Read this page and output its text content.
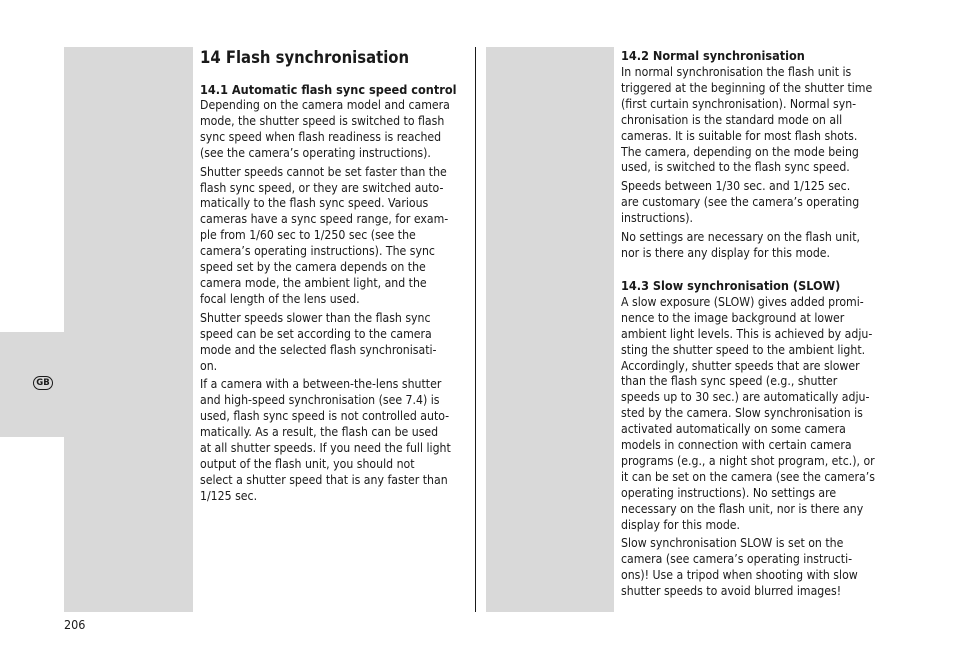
GB
14 Flash synchronisation
14.1 Automatic flash sync speed control

Depending on the camera model and camera
mode, the shutter speed is switched to flash
sync speed when flash readiness is reached
(see the camera’s operating instructions).

Shutter speeds cannot be set faster than the
flash sync speed, or they are switched auto-
matically to the flash sync speed. Various
cameras have a sync speed range, for exam-
ple from 1/60 sec to 1/250 sec (see the
camera’s operating instructions). The sync
speed set by the camera depends on the
camera mode, the ambient light, and the
focal length of the lens used.

Shutter speeds slower than the flash sync
speed can be set according to the camera
mode and the selected flash synchronisati-
on.

If a camera with a between-the-lens shutter
and high-speed synchronisation (see 7.4) is
used, flash sync speed is not controlled auto-
matically. As a result, the flash can be used
at all shutter speeds. If you need the full light
output of the flash unit, you should not
select a shutter speed that is any faster than
1/125 sec.

14.2 Normal synchronisation

In normal synchronisation the flash unit is
triggered at the beginning of the shutter time
(first curtain synchronisation). Normal syn-
chronisation is the standard mode on all
cameras. It is suitable for most flash shots.
The camera, depending on the mode being
used, is switched to the flash sync speed.

Speeds between 1/30 sec. and 1/125 sec.
are customary (see the camera’s operating
instructions).

No settings are necessary on the flash unit,
nor is there any display for this mode.

14.3 Slow synchronisation (SLOW)

A slow exposure (SLOW) gives added promi-
nence to the image background at lower
ambient light levels. This is achieved by adju-
sting the shutter speed to the ambient light.
Accordingly, shutter speeds that are slower
than the flash sync speed (e.g., shutter
speeds up to 30 sec.) are automatically adju-
sted by the camera. Slow synchronisation is
activated automatically on some camera
models in connection with certain camera
programs (e.g., a night shot program, etc.), or
it can be set on the camera (see the camera’s
operating instructions). No settings are
necessary on the flash unit, nor is there any
display for this mode.

Slow synchronisation SLOW is set on the
camera (see camera’s operating instructi-
ons)! Use a tripod when shooting with slow
shutter speeds to avoid blurred images!

206
